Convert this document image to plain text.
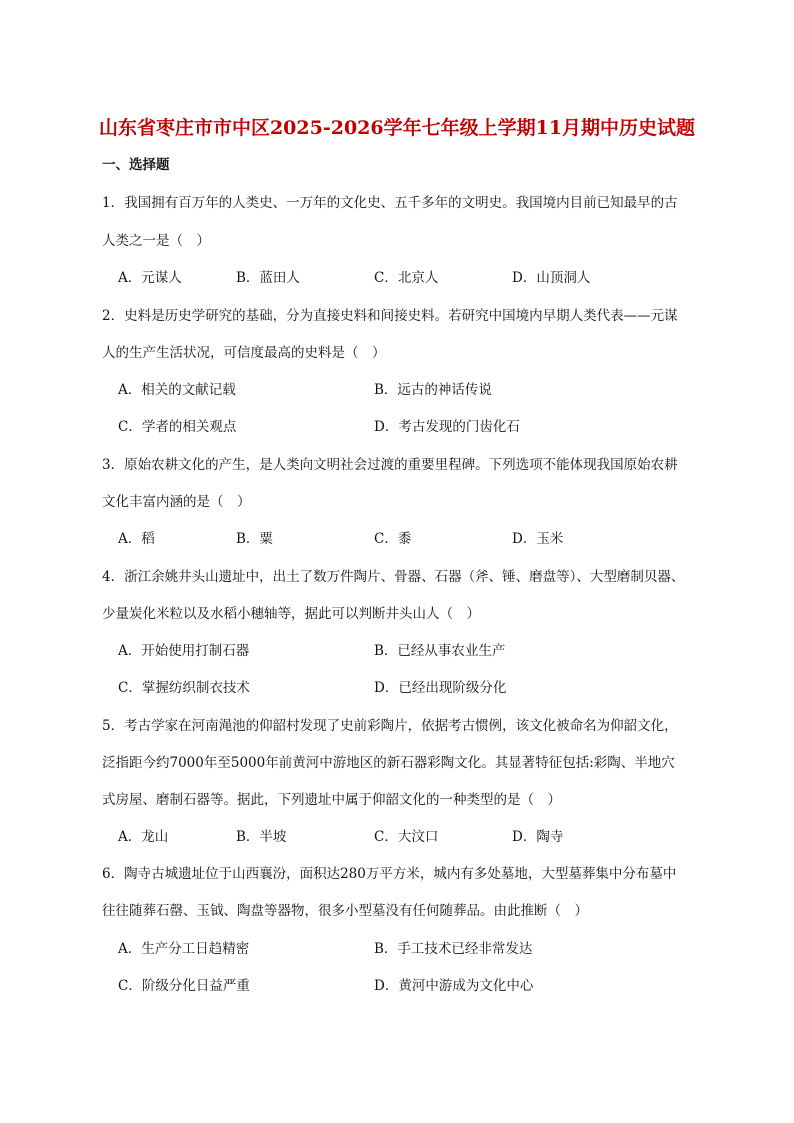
山东省枣庄市市中区2025-2026学年七年级上学期11月期中历史试题
一、选择题
1．我国拥有百万年的人类史、一万年的文化史、五千多年的文明史。我国境内目前已知最早的古
人类之一是（　）
A．元谋人	B．蓝田人	C．北京人	D．山顶洞人
2．史料是历史学研究的基础，分为直接史料和间接史料。若研究中国境内早期人类代表——元谋
人的生产生活状况，可信度最高的史料是（　）
A．相关的文献记载	B．远古的神话传说
C．学者的相关观点	D．考古发现的门齿化石
3．原始农耕文化的产生，是人类向文明社会过渡的重要里程碑。下列选项不能体现我国原始农耕
文化丰富内涵的是（　）
A．稻	B．粟	C．黍	D．玉米
4．浙江余姚井头山遗址中，出土了数万件陶片、骨器、石器（斧、锤、磨盘等）、大型磨制贝器、
少量炭化米粒以及水稻小穗轴等，据此可以判断井头山人（　）
A．开始使用打制石器	B．已经从事农业生产
C．掌握纺织制衣技术	D．已经出现阶级分化
5．考古学家在河南渑池的仰韶村发现了史前彩陶片，依据考古惯例，该文化被命名为仰韶文化，
泛指距今约7000年至5000年前黄河中游地区的新石器彩陶文化。其显著特征包括:彩陶、半地穴
式房屋、磨制石器等。据此，下列遗址中属于仰韶文化的一种类型的是（　）
A．龙山	B．半坡	C．大汶口	D．陶寺
6．陶寺古城遗址位于山西襄汾，面积达280万平方米，城内有多处墓地，大型墓葬集中分布墓中
往往随葬石罄、玉钺、陶盘等器物，很多小型墓没有任何随葬品。由此推断（　）
A．生产分工日趋精密	B．手工技术已经非常发达
C．阶级分化日益严重	D．黄河中游成为文化中心
